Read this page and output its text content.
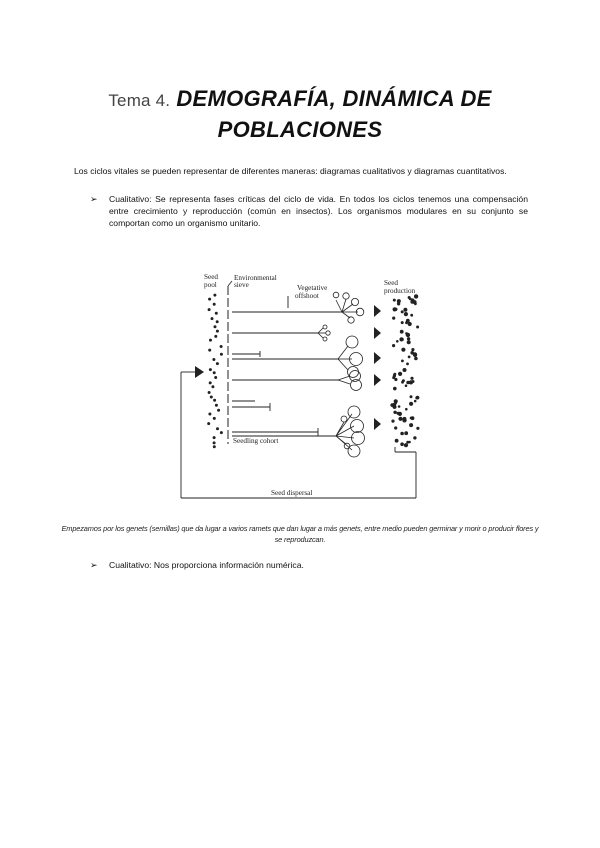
Tema 4. DEMOGRAFÍA, DINÁMICA DE
POBLACIONES

Los ciclos vitales se pueden representar de diferentes maneras: diagramas cualitativos y diagramas cuantitativos.

➢ Cualitativo: Se representa fases críticas del ciclo de vida. En todos los ciclos tenemos una compensación entre crecimiento y reproducción (común en insectos). Los organismos modulares en su conjunto se comportan como un organismo unitario.
Seed
pool
Environmental
sieve	Vegetative
offshoot
Seed
production
Seedling cohort
Seed dispersal
Empezamos por los genets (semillas) que da lugar a varios ramets que dan lugar a más genets, entre medio pueden germinar y morir o producir flores y se reproduzcan.
➢ Cualitativo: Nos proporciona información numérica.
